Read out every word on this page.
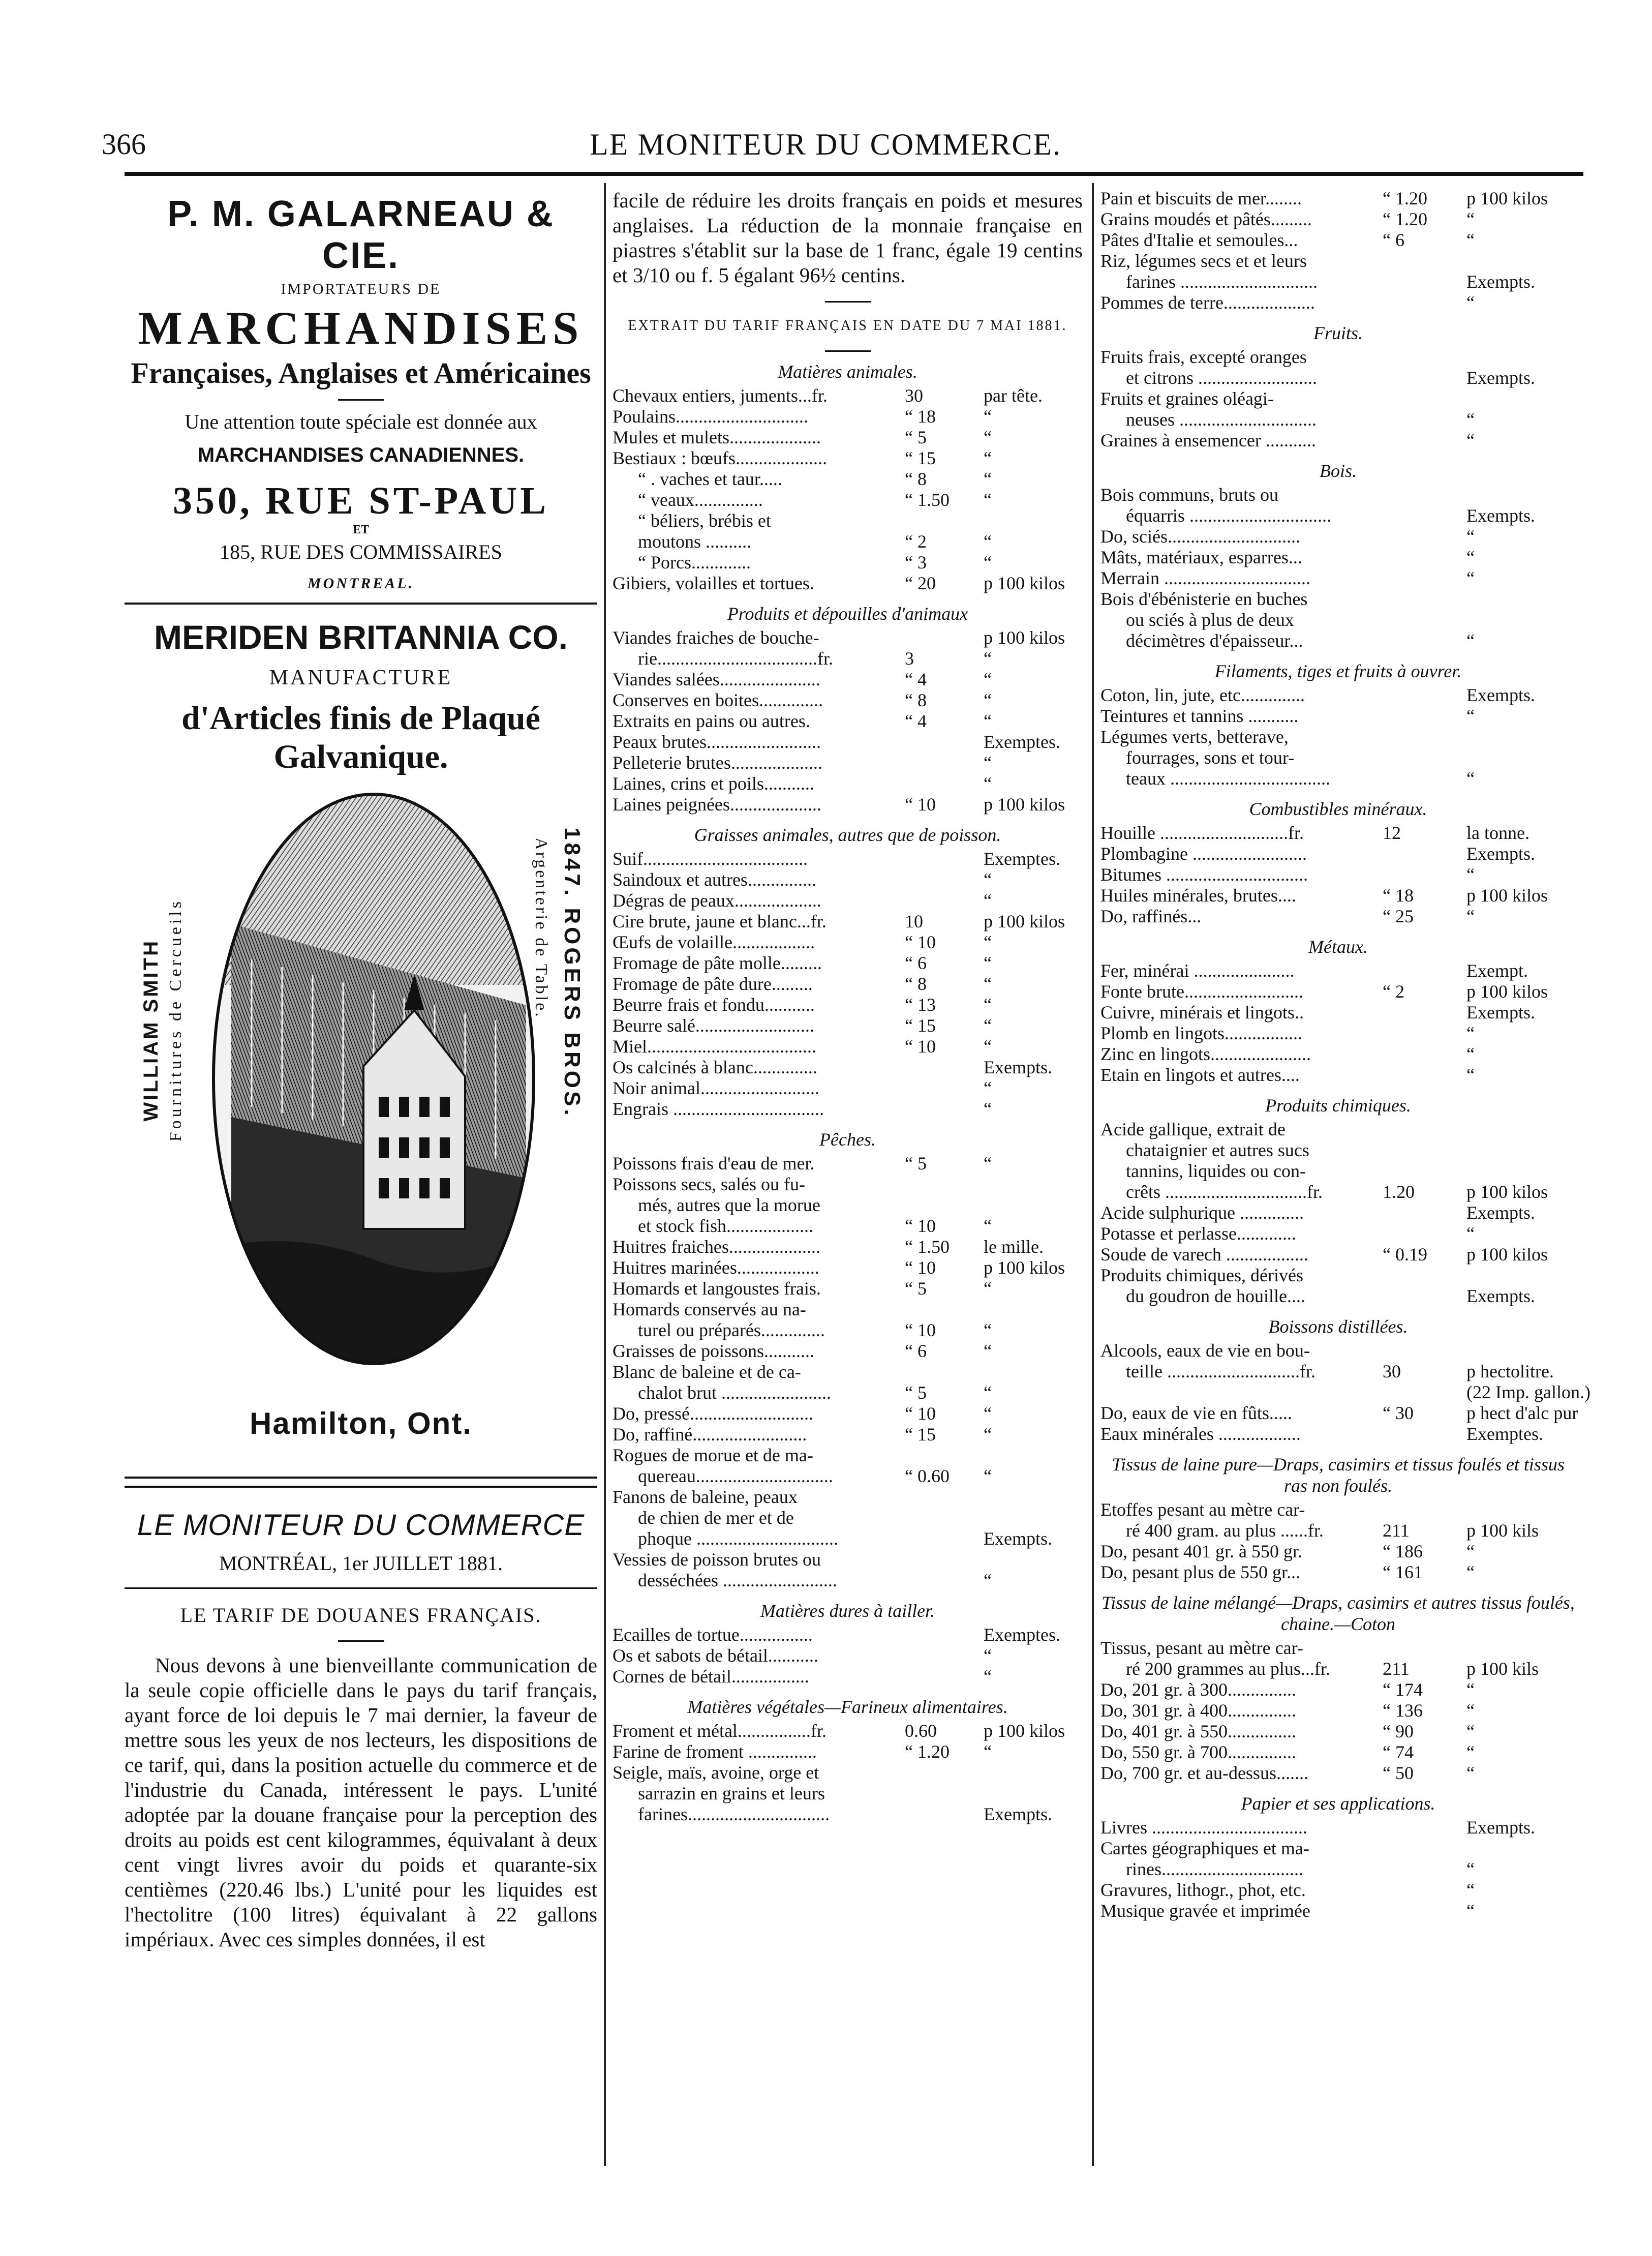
366	LE MONITEUR DU COMMERCE.
P. M. GALARNEAU & CIE.
IMPORTATEURS DE
MARCHANDISES
Françaises, Anglaises et Américaines
Une attention toute spéciale est donnée aux
MARCHANDISES CANADIENNES.
350, RUE ST-PAUL
ET
185, RUE DES COMMISSAIRES
MONTREAL.
MERIDEN BRITANNIA CO.
MANUFACTURE
d'Articles finis de Plaqué Galvanique.
WILLIAM SMITH Fournitures de Cercueils	Argenterie de Table. 1847. ROGERS BROS.
Hamilton, Ont.
LE MONITEUR DU COMMERCE
MONTRÉAL, 1er JUILLET 1881.
LE TARIF DE DOUANES FRANÇAIS.

Nous devons à une bienveillante communication de la seule copie officielle dans le pays du tarif français, ayant force de loi depuis le 7 mai dernier, la faveur de mettre sous les yeux de nos lecteurs, les dispositions de ce tarif, qui, dans la position actuelle du commerce et de l'industrie du Canada, intéressent le pays. L'unité adoptée par la douane française pour la perception des droits au poids est cent kilogrammes, équivalant à deux cent vingt livres avoir du poids et quarante-six centièmes (220.46 lbs.) L'unité pour les liquides est l'hectolitre (100 litres) équivalant à 22 gallons impériaux. Avec ces simples données, il est

facile de réduire les droits français en poids et mesures anglaises. La réduction de la monnaie française en piastres s'établit sur la base de 1 franc, égale 19 centins et 3/10 ou f. 5 égalant 96½ centins.

EXTRAIT DU TARIF FRANÇAIS EN DATE DU 7 MAI 1881.
Matières animales.
Chevaux entiers, juments...fr.	30	par tête.
Poulains.............................	“ 18	“
Mules et mulets....................	“ 5	“
Bestiaux : bœufs....................	“ 15	“
“ . vaches et taur.....	“ 8	“
“ veaux...............	“ 1.50 “
“ béliers, brébis et
moutons ..........	“ 2	“
“ Porcs.............	“ 3	“
Gibiers, volailles et tortues.	“ 20	p 100 kilos
Produits et dépouilles d'animaux
Viandes fraiches de bouche-	p 100 kilos
rie...................................fr.	3	“
Viandes salées......................	“ 4	“
Conserves en boites..............	“ 8	“
Extraits en pains ou autres.	“ 4	“
Peaux brutes.........................	Exemptes.
Pelleterie brutes....................	“
Laines, crins et poils...........	“
Laines peignées....................	“ 10	p 100 kilos
Graisses animales, autres que de poisson.
Suif....................................	Exemptes.
Saindoux et autres...............	“
Dégras de peaux...................	“
Cire brute, jaune et blanc...fr.	10	p 100 kilos
Œufs de volaille..................	“ 10	“
Fromage de pâte molle.........	“ 6	“
Fromage de pâte dure.........	“ 8	“
Beurre frais et fondu...........	“ 13	“
Beurre salé..........................	“ 15	“
Miel.....................................	“ 10	“
Os calcinés à blanc..............	Exempts.
Noir animal..........................	“
Engrais .................................	“
Pêches.
Poissons frais d'eau de mer.	“ 5	“
Poissons secs, salés ou fu-
més, autres que la morue
et stock fish...................	“ 10	“
Huitres fraiches....................	“ 1.50 le mille.
Huitres marinées..................	“ 10	p 100 kilos
Homards et langoustes frais.	“ 5	“
Homards conservés au na-
turel ou préparés..............	“ 10	“
Graisses de poissons...........	“ 6	“
Blanc de baleine et de ca-
chalot brut ........................	“ 5	“
Do, pressé...........................	“ 10	“
Do, raffiné.........................	“ 15	“
Rogues de morue et de ma-
quereau..............................	“ 0.60 “
Fanons de baleine, peaux
de chien de mer et de
phoque ...............................	Exempts.
Vessies de poisson brutes ou
desséchées .........................	“
Matières dures à tailler.
Ecailles de tortue................	Exemptes.
Os et sabots de bétail...........	“
Cornes de bétail.................	“
Matières végétales—Farineux alimentaires.
Froment et métal................fr.	0.60	p 100 kilos
Farine de froment ...............	“ 1.20 “
Seigle, maïs, avoine, orge et
sarrazin en grains et leurs
farines...............................	Exempts.
Pain et biscuits de mer........	“ 1.20 p 100 kilos
Grains moudés et pâtés.........	“ 1.20 “
Pâtes d'Italie et semoules...	“ 6	“
Riz, légumes secs et et leurs
farines ..............................	Exempts.
Pommes de terre....................	“
Fruits.
Fruits frais, excepté oranges
et citrons ..........................	Exempts.
Fruits et graines oléagi-
neuses ..............................	“
Graines à ensemencer ...........	“
Bois.
Bois communs, bruts ou
équarris ...............................	Exempts.
Do, sciés.............................	“
Mâts, matériaux, esparres...	“
Merrain ................................	“
Bois d'ébénisterie en buches
ou sciés à plus de deux
décimètres d'épaisseur...	“
Filaments, tiges et fruits à ouvrer.
Coton, lin, jute, etc..............	Exempts.
Teintures et tannins ...........	“
Légumes verts, betterave,
fourrages, sons et tour-
teaux ...................................	“
Combustibles minéraux.
Houille ............................fr.	12	la tonne.
Plombagine .........................	Exempts.
Bitumes ...............................	“
Huiles minérales, brutes....	“ 18	p 100 kilos
Do, raffinés...	“ 25	“
Métaux.
Fer, minérai ......................	Exempt.
Fonte brute..........................	“ 2	p 100 kilos
Cuivre, minérais et lingots..	Exempts.
Plomb en lingots.................	“
Zinc en lingots......................	“
Etain en lingots et autres....	“
Produits chimiques.
Acide gallique, extrait de
chataignier et autres sucs
tannins, liquides ou con-
crêts ...............................fr.	1.20	p 100 kilos
Acide sulphurique ..............	Exempts.
Potasse et perlasse.............	“
Soude de varech ..................	“ 0.19 p 100 kilos
Produits chimiques, dérivés
du goudron de houille....	Exempts.
Boissons distillées.
Alcools, eaux de vie en bou-
teille .............................fr.	30	p hectolitre.
(22 Imp. gallon.)
Do, eaux de vie en fûts.....	“ 30	p hect d'alc pur
Eaux minérales ..................	Exemptes.
Tissus de laine pure—Draps, casimirs et tissus foulés et tissus ras non foulés.
Etoffes pesant au mètre car-
ré 400 gram. au plus ......fr.	211	p 100 kils
Do, pesant 401 gr. à 550 gr.	“ 186 “
Do, pesant plus de 550 gr...	“ 161 “
Tissus de laine mélangé—Draps, casimirs et autres tissus foulés, chaine.—Coton
Tissus, pesant au mètre car-
ré 200 grammes au plus...fr.	211	p 100 kils
Do, 201 gr. à 300...............	“ 174 “
Do, 301 gr. à 400...............	“ 136 “
Do, 401 gr. à 550...............	“ 90	“
Do, 550 gr. à 700...............	“ 74	“
Do, 700 gr. et au-dessus.......	“ 50	“
Papier et ses applications.
Livres ..................................	Exempts.
Cartes géographiques et ma-
rines...............................	“
Gravures, lithogr., phot, etc.	“
Musique gravée et imprimée	“
